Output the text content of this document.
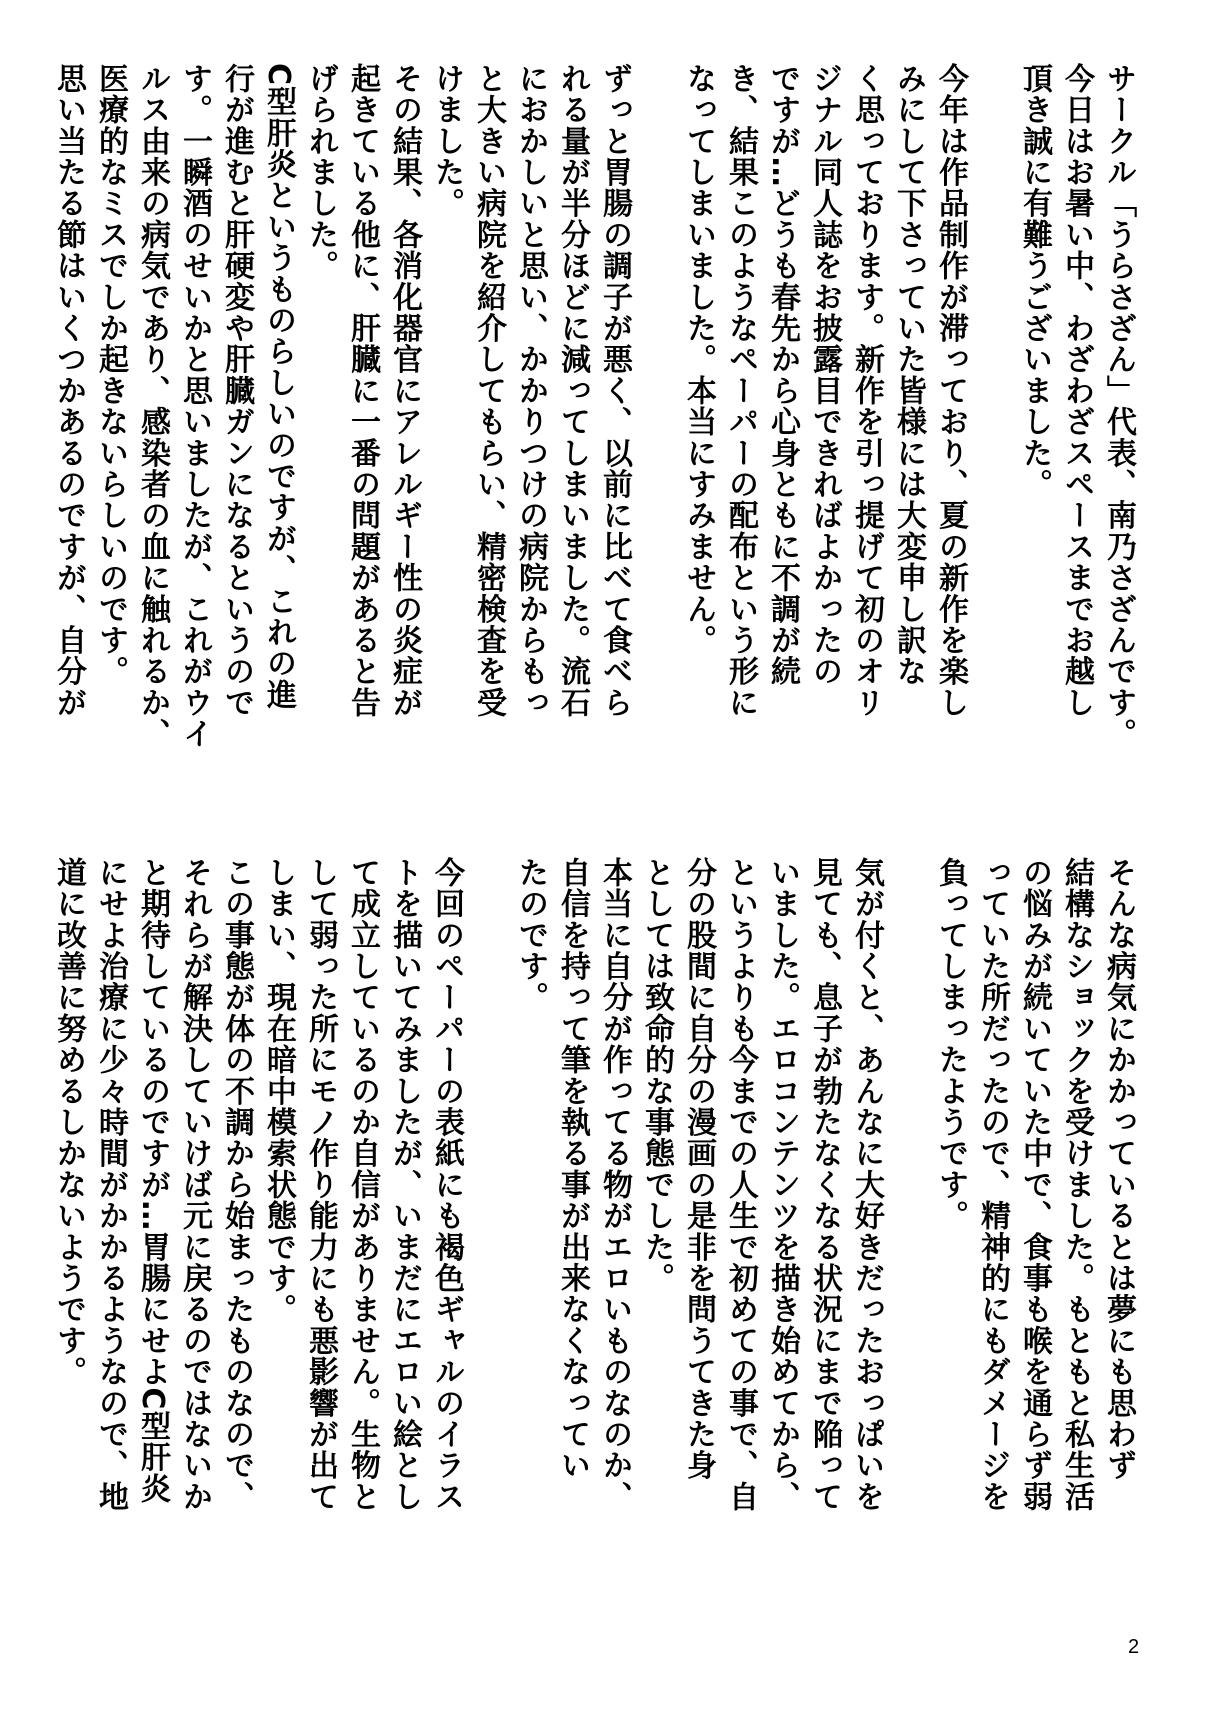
サークル「うらさざん」代表、南乃さざんです。
今日はお暑い中、わざわざスペースまでお越し
頂き誠に有難うございました。
今年は作品制作が滞っており、夏の新作を楽し
みにして下さっていた皆様には大変申し訳な
く思っております。新作を引っ提げて初のオリ
ジナル同人誌をお披露目できればよかったの
ですが…どうも春先から心身ともに不調が続
き、結果このようなペーパーの配布という形に
なってしまいました。本当にすみません。
ずっと胃腸の調子が悪く、以前に比べて食べら
れる量が半分ほどに減ってしまいました。流石
におかしいと思い、かかりつけの病院からもっ
と大きい病院を紹介してもらい、精密検査を受
けました。
その結果、各消化器官にアレルギー性の炎症が
起きている他に、肝臓に一番の問題があると告
げられました。
C型肝炎というものらしいのですが、これの進
行が進むと肝硬変や肝臓ガンになるというので
す。一瞬酒のせいかと思いましたが、これがウイ
ルス由来の病気であり、感染者の血に触れるか、
医療的なミスでしか起きないらしいのです。
思い当たる節はいくつかあるのですが、自分が
そんな病気にかかっているとは夢にも思わず
結構なショックを受けました。もともと私生活
の悩みが続いていた中で、食事も喉を通らず弱
っていた所だったので、精神的にもダメージを
負ってしまったようです。
気が付くと、あんなに大好きだったおっぱいを
見ても、息子が勃たなくなる状況にまで陥って
いました。エロコンテンツを描き始めてから、
というよりも今までの人生で初めての事で、自
分の股間に自分の漫画の是非を問うてきた身
としては致命的な事態でした。
本当に自分が作ってる物がエロいものなのか、
自信を持って筆を執る事が出来なくなってい
たのです。
今回のペーパーの表紙にも褐色ギャルのイラス
トを描いてみましたが、いまだにエロい絵とし
て成立しているのか自信がありません。生物と
して弱った所にモノ作り能力にも悪影響が出て
しまい、現在暗中模索状態です。
この事態が体の不調から始まったものなので、
それらが解決していけば元に戻るのではないか
と期待しているのですが…胃腸にせよC型肝炎
にせよ治療に少々時間がかかるようなので、地
道に改善に努めるしかないようです。
2
